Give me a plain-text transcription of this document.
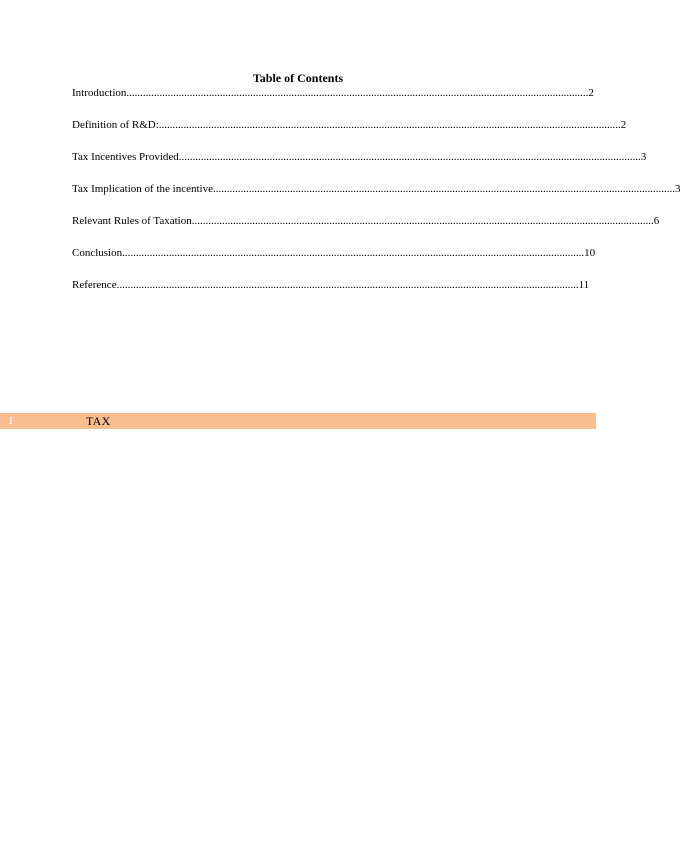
Table of Contents
Introduction ........................................................................................................................................................................ 2
Definition of R&D: ........................................................................................................................................................................ 2
Tax Incentives Provided ........................................................................................................................................................................ 3
Tax Implication of the incentive ........................................................................................................................................................................ 3
Relevant Rules of Taxation ........................................................................................................................................................................ 6
Conclusion ........................................................................................................................................................................ 10
Reference ........................................................................................................................................................................ 11
1	TAX
